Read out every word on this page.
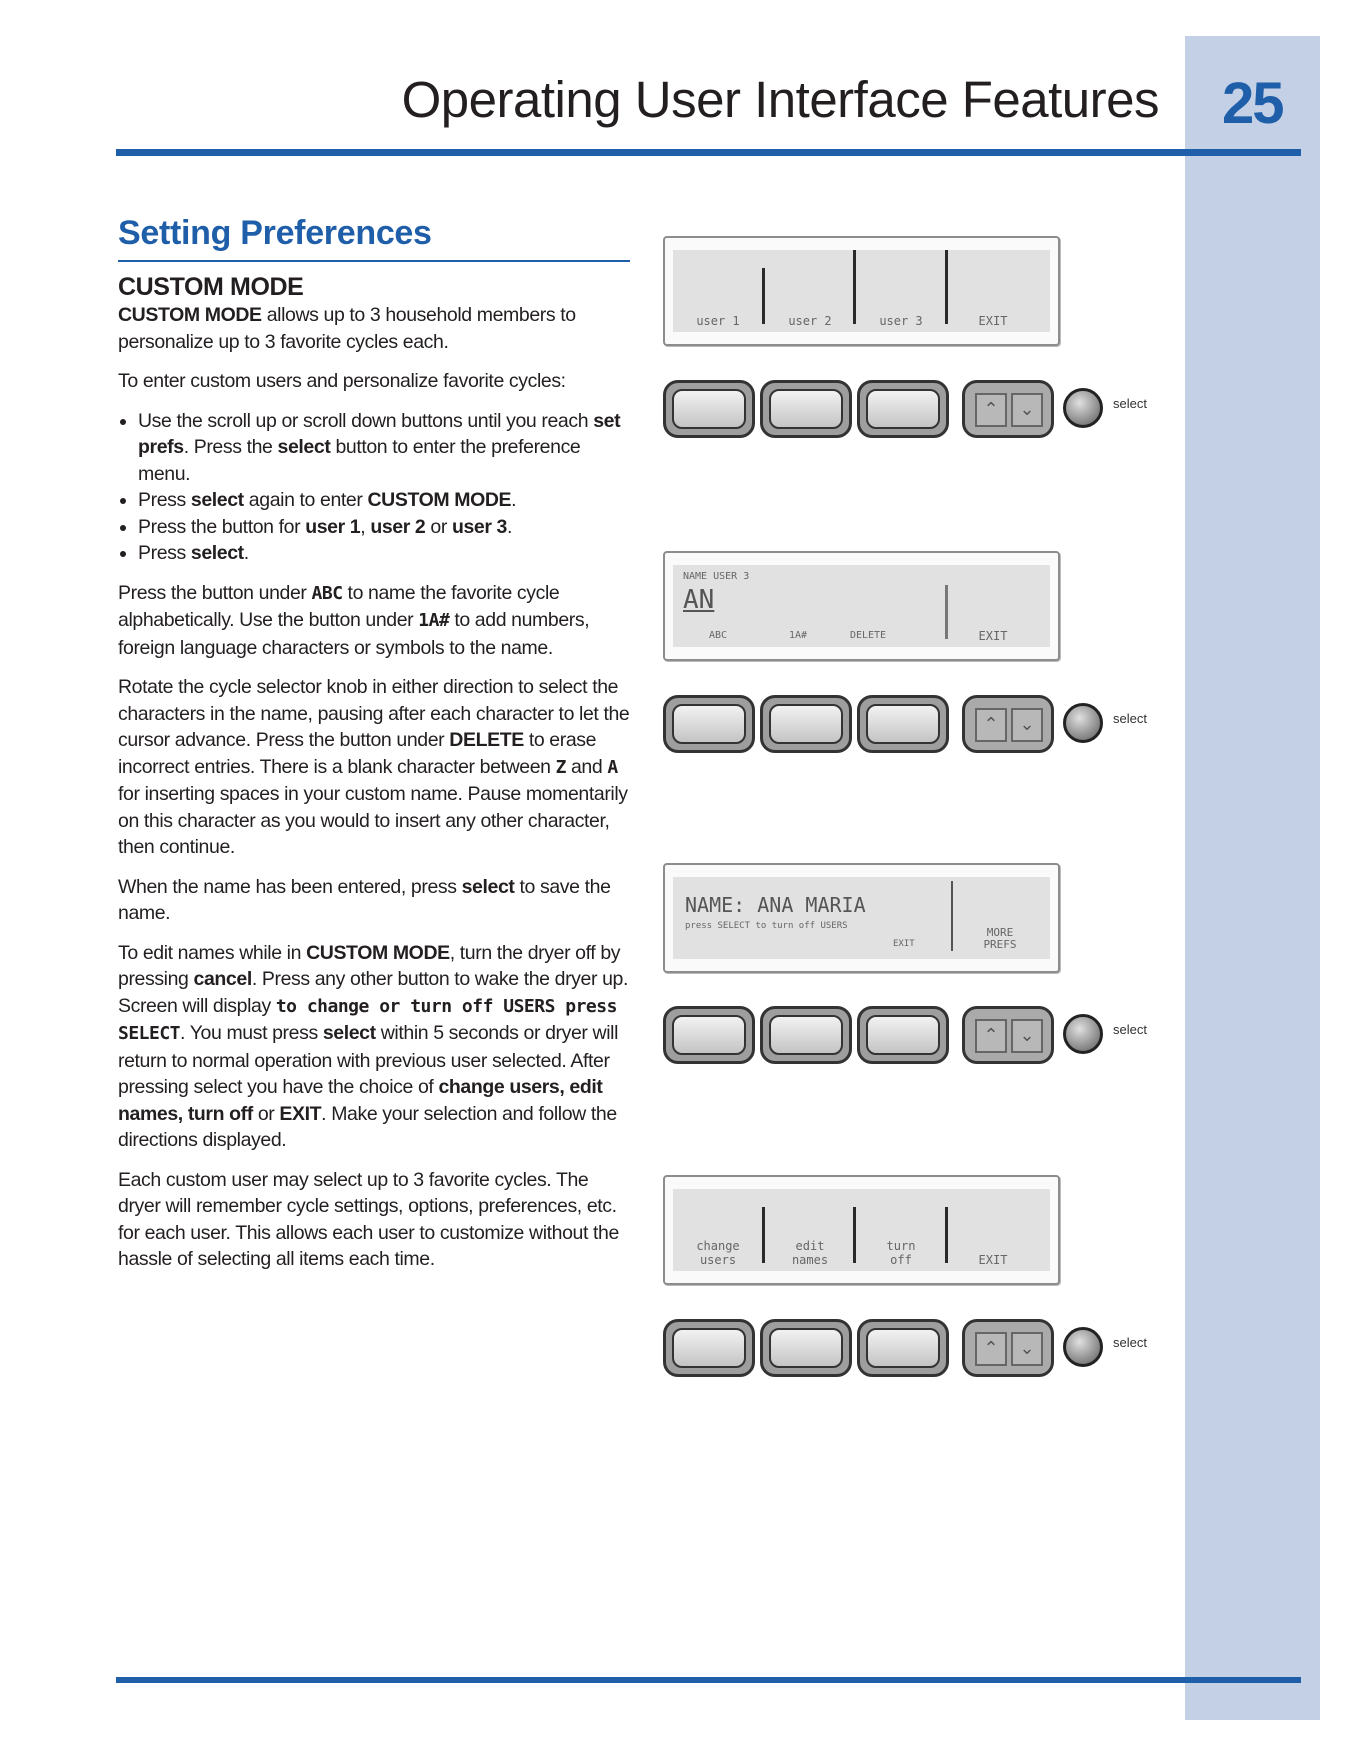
Operating User Interface Features 25
Setting Preferences
CUSTOM MODE

CUSTOM MODE allows up to 3 household members to personalize up to 3 favorite cycles each.

To enter custom users and personalize favorite cycles:

• Use the scroll up or scroll down buttons until you reach set prefs. Press the select button to enter the preference menu.
• Press select again to enter CUSTOM MODE.
• Press the button for user 1, user 2 or user 3.
• Press select.

Press the button under ABC to name the favorite cycle alphabetically. Use the button under 1A# to add numbers, foreign language characters or symbols to the name.

Rotate the cycle selector knob in either direction to select the characters in the name, pausing after each character to let the cursor advance. Press the button under DELETE to erase incorrect entries. There is a blank character between Z and A for inserting spaces in your custom name. Pause momentarily on this character as you would to insert any other character, then continue.

When the name has been entered, press select to save the name.

To edit names while in CUSTOM MODE, turn the dryer off by pressing cancel. Press any other button to wake the dryer up. Screen will display to change or turn off USERS press SELECT. You must press select within 5 seconds or dryer will return to normal operation with previous user selected. After pressing select you have the choice of change users, edit names, turn off or EXIT. Make your selection and follow the directions displayed.

Each custom user may select up to 3 favorite cycles. The dryer will remember cycle settings, options, preferences, etc. for each user. This allows each user to customize without the hassle of selecting all items each time.

user 1	user 2	user 3	EXIT
⌃	⌄	select
NAME USER 3
AN
ABC	1A#	DELETE	EXIT
⌃	⌄	select
NAME: ANA MARIA
press SELECT to turn off USERS
EXIT
MORE
PREFS
⌃	⌄	select
change
users
edit
names
turn
off	EXIT
⌃	⌄	select
